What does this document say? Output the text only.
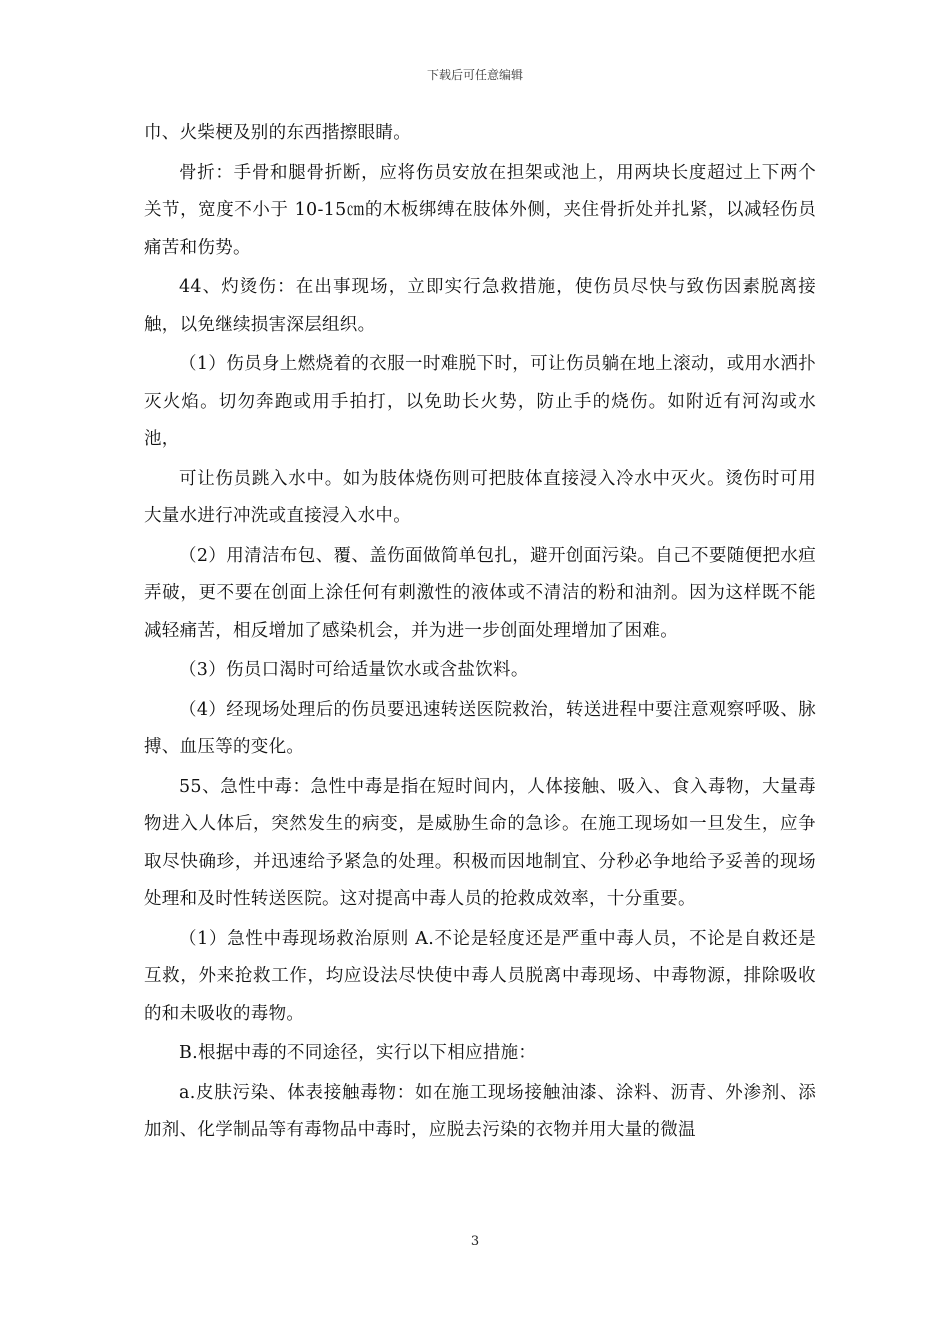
下载后可任意编辑

巾、火柴梗及别的东西揩擦眼睛。

骨折：手骨和腿骨折断，应将伤员安放在担架或池上，用两块长度超过上下两个关节，宽度不小于 10-15㎝的木板绑缚在肢体外侧，夹住骨折处并扎紧，以减轻伤员痛苦和伤势。

44、灼烫伤：在出事现场，立即实行急救措施，使伤员尽快与致伤因素脱离接触，以免继续损害深层组织。

（1）伤员身上燃烧着的衣服一时难脱下时，可让伤员躺在地上滚动，或用水洒扑灭火焰。切勿奔跑或用手拍打，以免助长火势，防止手的烧伤。如附近有河沟或水池，

可让伤员跳入水中。如为肢体烧伤则可把肢体直接浸入冷水中灭火。烫伤时可用大量水进行冲洗或直接浸入水中。

（2）用清洁布包、覆、盖伤面做简单包扎，避开创面污染。自己不要随便把水疸弄破，更不要在创面上涂任何有刺激性的液体或不清洁的粉和油剂。因为这样既不能减轻痛苦，相反增加了感染机会，并为进一步创面处理增加了困难。

（3）伤员口渴时可给适量饮水或含盐饮料。

（4）经现场处理后的伤员要迅速转送医院救治，转送进程中要注意观察呼吸、脉搏、血压等的变化。

55、急性中毒：急性中毒是指在短时间内，人体接触、吸入、食入毒物，大量毒物进入人体后，突然发生的病变，是威胁生命的急诊。在施工现场如一旦发生，应争取尽快确珍，并迅速给予紧急的处理。积极而因地制宜、分秒必争地给予妥善的现场处理和及时性转送医院。这对提高中毒人员的抢救成效率，十分重要。

（1）急性中毒现场救治原则 A.不论是轻度还是严重中毒人员，不论是自救还是互救，外来抢救工作，均应设法尽快使中毒人员脱离中毒现场、中毒物源，排除吸收的和未吸收的毒物。

B.根据中毒的不同途径，实行以下相应措施：

a.皮肤污染、体表接触毒物：如在施工现场接触油漆、涂料、沥青、外渗剂、添加剂、化学制品等有毒物品中毒时，应脱去污染的衣物并用大量的微温

3
